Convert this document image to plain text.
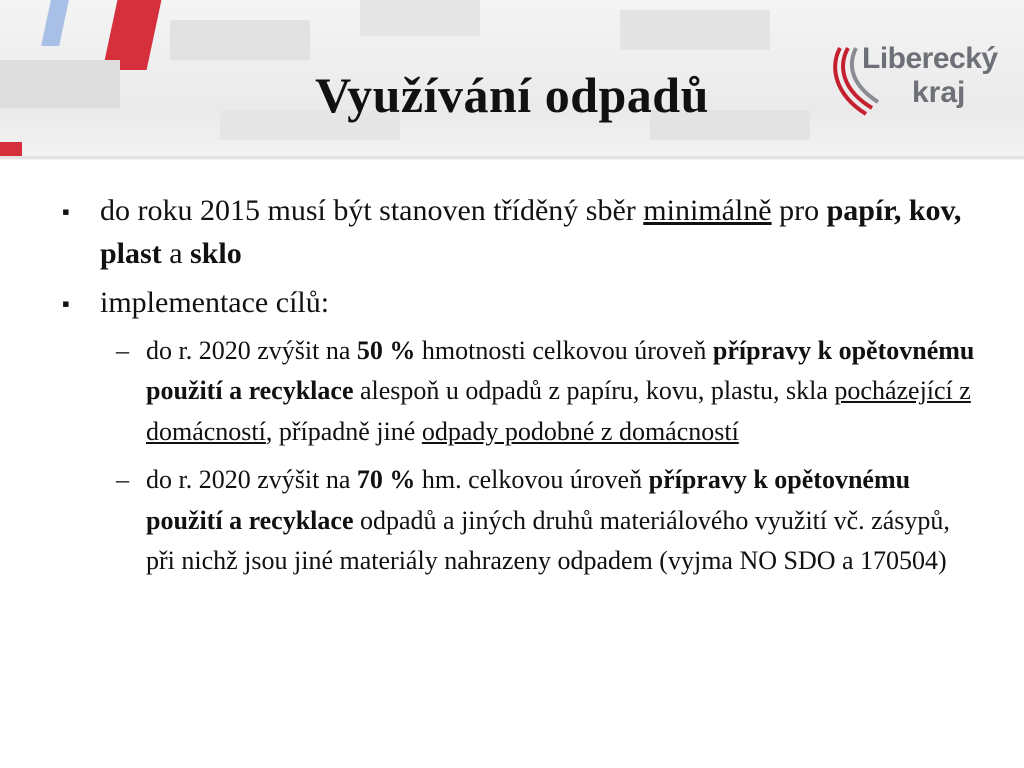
Využívání odpadů
Liberecký
kraj
▪ do roku 2015 musí být stanoven tříděný sběr minimálně pro papír, kov, plast a sklo
▪ implementace cílů:
– do r. 2020 zvýšit na 50 % hmotnosti celkovou úroveň přípravy k opětovnému použití a recyklace alespoň u odpadů z papíru, kovu, plastu, skla pocházející z domácností, případně jiné odpady podobné z domácností
– do r. 2020 zvýšit na 70 % hm. celkovou úroveň přípravy k opětovnému použití a recyklace odpadů a jiných druhů materiálového využití vč. zásypů, při nichž jsou jiné materiály nahrazeny odpadem (vyjma NO SDO a 170504)
